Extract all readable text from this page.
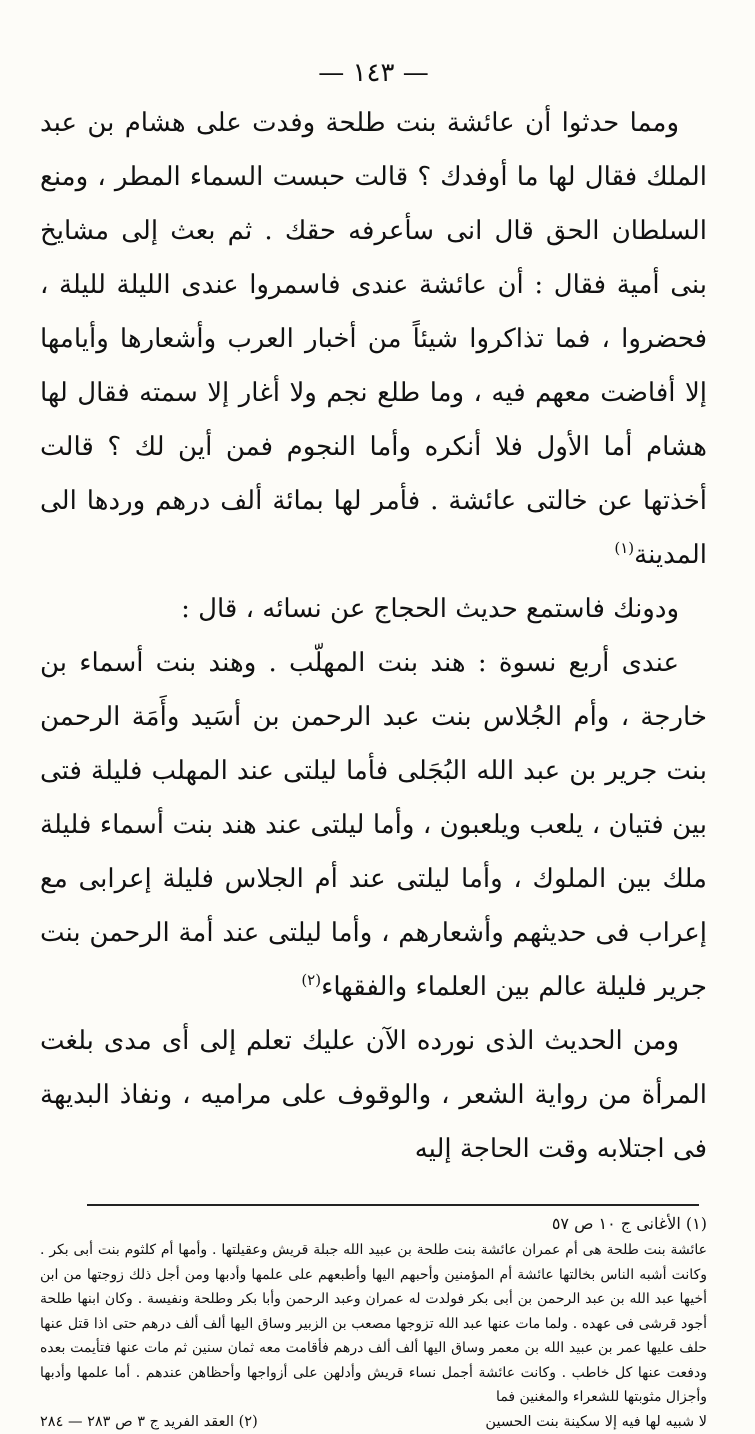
— ١٤٣ —

ومما حدثوا أن عائشة بنت طلحة وفدت على هشام بن عبد الملك فقال لها ما أوفدك ؟ قالت حبست السماء المطر ، ومنع السلطان الحق قال انى سأعرفه حقك . ثم بعث إلى مشايخ بنى أمية فقال : أن عائشة عندى فاسمروا عندى الليلة لليلة ، فحضروا ، فما تذاكروا شيئاً من أخبار العرب وأشعارها وأيامها إلا أفاضت معهم فيه ، وما طلع نجم ولا أغار إلا سمته فقال لها هشام أما الأول فلا أنكره وأما النجوم فمن أين لك ؟ قالت أخذتها عن خالتى عائشة . فأمر لها بمائة ألف درهم وردها الى المدينة$^{(١)}$

ودونك فاستمع حديث الحجاج عن نسائه ، قال :

عندى أربع نسوة : هند بنت المهلّب . وهند بنت أسماء بن خارجة ، وأم الجُلاس بنت عبد الرحمن بن أسَيد وأَمَة الرحمن بنت جرير بن عبد الله البُجَلى فأما ليلتى عند المهلب فليلة فتى بين فتيان ، يلعب ويلعبون ، وأما ليلتى عند هند بنت أسماء فليلة ملك بين الملوك ، وأما ليلتى عند أم الجلاس فليلة إعرابى مع إعراب فى حديثهم وأشعارهم ، وأما ليلتى عند أمة الرحمن بنت جرير فليلة عالم بين العلماء والفقهاء$^{(٢)}$

ومن الحديث الذى نورده الآن عليك تعلم إلى أى مدى بلغت المرأة من رواية الشعر ، والوقوف على مراميه ، ونفاذ البديهة فى اجتلابه وقت الحاجة إليه

(١) الأغانى ج ١٠ ص ٥٧

عائشة بنت طلحة هى أم عمران عائشة بنت طلحة بن عبيد الله جبلة قريش وعقيلتها . وأمها أم كلثوم بنت أبى بكر . وكانت أشبه الناس بخالتها عائشة أم المؤمنين وأحبهم اليها وأطبعهم على علمها وأدبها ومن أجل ذلك زوجتها من ابن أخيها عبد الله بن عبد الرحمن بن أبى بكر فولدت له عمران وعبد الرحمن وأبا بكر وطلحة ونفيسة . وكان ابنها طلحة أجود قرشى فى عهده . ولما مات عنها عبد الله تزوجها مصعب بن الزبير وساق اليها ألف ألف درهم حتى اذا قتل عنها حلف عليها عمر بن عبيد الله بن معمر وساق اليها ألف ألف درهم فأقامت معه ثمان سنين ثم مات عنها فتأيمت بعده ودفعت عنها كل خاطب . وكانت عائشة أجمل نساء قريش وأدلهن على أزواجها وأحظاهن عندهم . أما علمها وأدبها وأجزال مثوبتها للشعراء والمغنين فما

لا شبيه لها فيه إلا سكينة بنت الحسين
(٢) العقد الفريد ج ٣ ص ٢٨٣ — ٢٨٤
